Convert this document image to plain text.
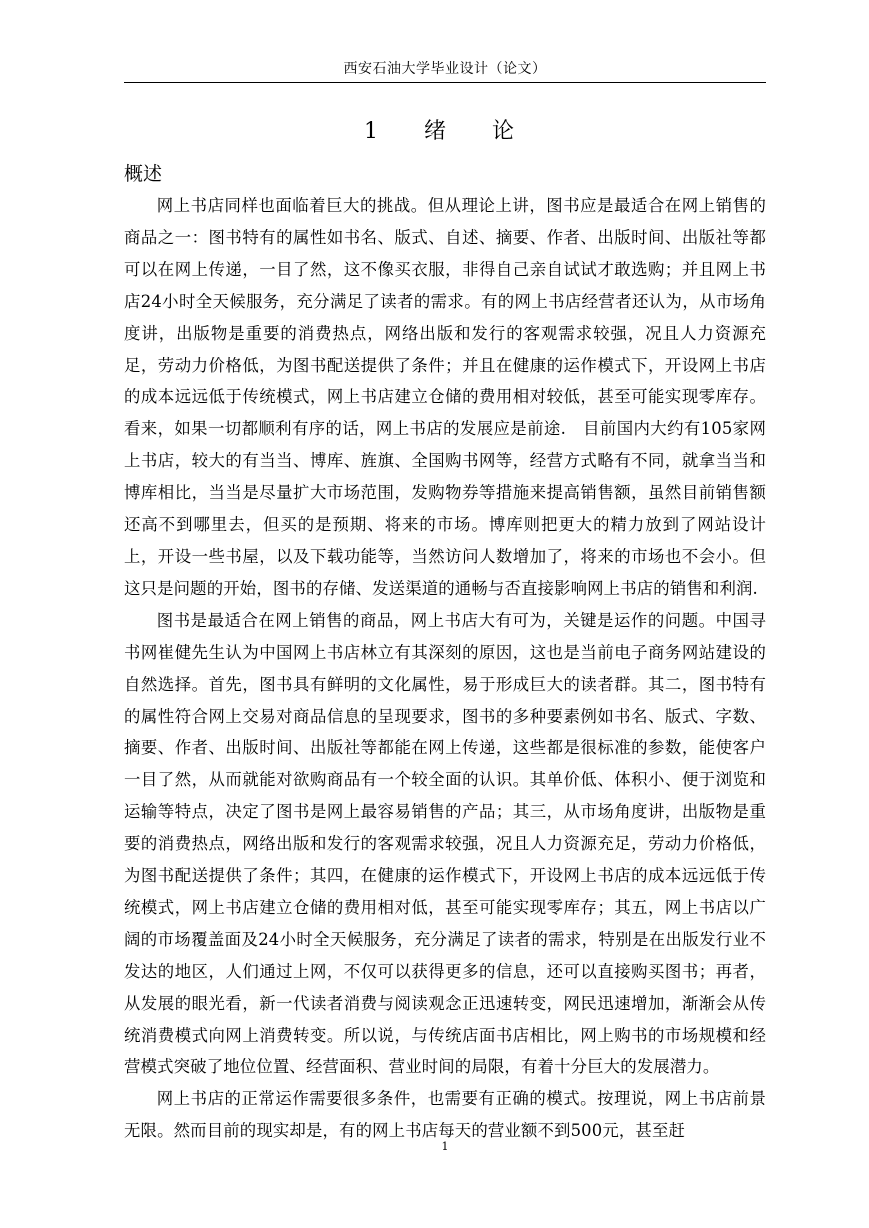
西安石油大学毕业设计（论文）
1　绪　论
概述

网上书店同样也面临着巨大的挑战。但从理论上讲，图书应是最适合在网上销售的商品之一：图书特有的属性如书名、版式、自述、摘要、作者、出版时间、出版社等都可以在网上传递，一目了然，这不像买衣服，非得自己亲自试试才敢选购；并且网上书店24小时全天候服务，充分满足了读者的需求。有的网上书店经营者还认为，从市场角度讲，出版物是重要的消费热点，网络出版和发行的客观需求较强，况且人力资源充足，劳动力价格低，为图书配送提供了条件；并且在健康的运作模式下，开设网上书店的成本远远低于传统模式，网上书店建立仓储的费用相对较低，甚至可能实现零库存。看来，如果一切都顺利有序的话，网上书店的发展应是前途.　目前国内大约有105家网上书店，较大的有当当、博库、旌旗、全国购书网等，经营方式略有不同，就拿当当和博库相比，当当是尽量扩大市场范围，发购物券等措施来提高销售额，虽然目前销售额还高不到哪里去，但买的是预期、将来的市场。博库则把更大的精力放到了网站设计上，开设一些书屋，以及下载功能等，当然访问人数增加了，将来的市场也不会小。但这只是问题的开始，图书的存储、发送渠道的通畅与否直接影响网上书店的销售和利润.

图书是最适合在网上销售的商品，网上书店大有可为，关键是运作的问题。中国寻书网崔健先生认为中国网上书店林立有其深刻的原因，这也是当前电子商务网站建设的自然选择。首先，图书具有鲜明的文化属性，易于形成巨大的读者群。其二，图书特有的属性符合网上交易对商品信息的呈现要求，图书的多种要素例如书名、版式、字数、摘要、作者、出版时间、出版社等都能在网上传递，这些都是很标准的参数，能使客户一目了然，从而就能对欲购商品有一个较全面的认识。其单价低、体积小、便于浏览和运输等特点，决定了图书是网上最容易销售的产品；其三，从市场角度讲，出版物是重要的消费热点，网络出版和发行的客观需求较强，况且人力资源充足，劳动力价格低，为图书配送提供了条件；其四，在健康的运作模式下，开设网上书店的成本远远低于传统模式，网上书店建立仓储的费用相对低，甚至可能实现零库存；其五，网上书店以广阔的市场覆盖面及24小时全天候服务，充分满足了读者的需求，特别是在出版发行业不发达的地区，人们通过上网，不仅可以获得更多的信息，还可以直接购买图书；再者，从发展的眼光看，新一代读者消费与阅读观念正迅速转变，网民迅速增加，渐渐会从传统消费模式向网上消费转变。所以说，与传统店面书店相比，网上购书的市场规模和经营模式突破了地位位置、经营面积、营业时间的局限，有着十分巨大的发展潜力。

网上书店的正常运作需要很多条件，也需要有正确的模式。按理说，网上书店前景无限。然而目前的现实却是，有的网上书店每天的营业额不到500元，甚至赶

1
